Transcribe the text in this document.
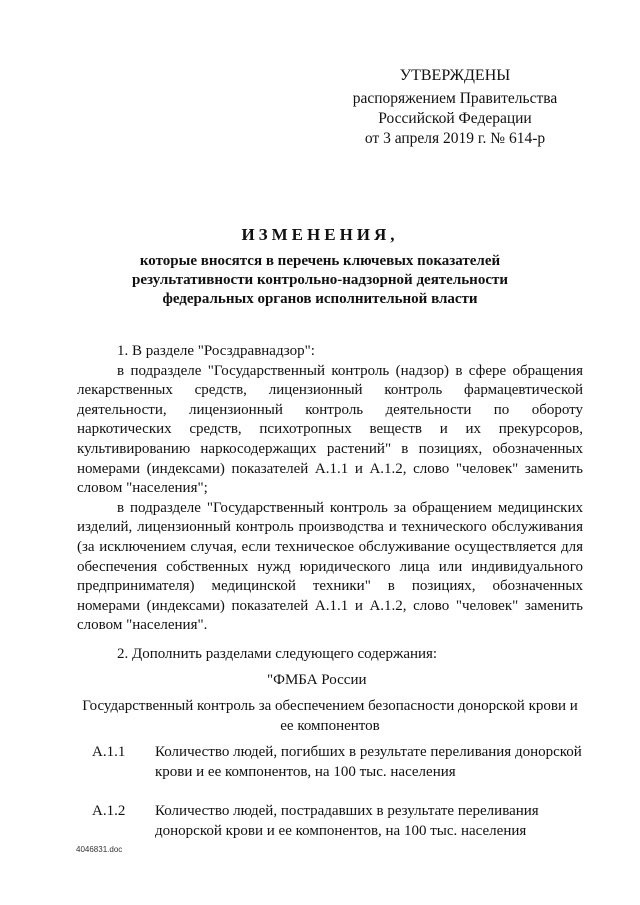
УТВЕРЖДЕНЫ
распоряжением Правительства
Российской Федерации
от 3 апреля 2019 г. № 614-р
ИЗМЕНЕНИЯ,
которые вносятся в перечень ключевых показателей
результативности контрольно-надзорной деятельности
федеральных органов исполнительной власти

1. В разделе "Росздравнадзор":

в подразделе "Государственный контроль (надзор) в сфере обращения лекарственных средств, лицензионный контроль фармацевтической деятельности, лицензионный контроль деятельности по обороту наркотических средств, психотропных веществ и их прекурсоров, культивированию наркосодержащих растений" в позициях, обозначенных номерами (индексами) показателей А.1.1 и А.1.2, слово "человек" заменить словом "населения";

в подразделе "Государственный контроль за обращением медицинских изделий, лицензионный контроль производства и технического обслуживания (за исключением случая, если техническое обслуживание осуществляется для обеспечения собственных нужд юридического лица или индивидуального предпринимателя) медицинской техники" в позициях, обозначенных номерами (индексами) показателей А.1.1 и А.1.2, слово "человек" заменить словом "населения".

2. Дополнить разделами следующего содержания:

"ФМБА России
Государственный контроль за обеспечением безопасности донорской крови и ее компонентов
А.1.1	Количество людей, погибших в результате переливания донорской крови и ее компонентов, на 100 тыс. населения
А.1.2	Количество людей, пострадавших в результате переливания донорской крови и ее компонентов, на 100 тыс. населения
4046831.doc
